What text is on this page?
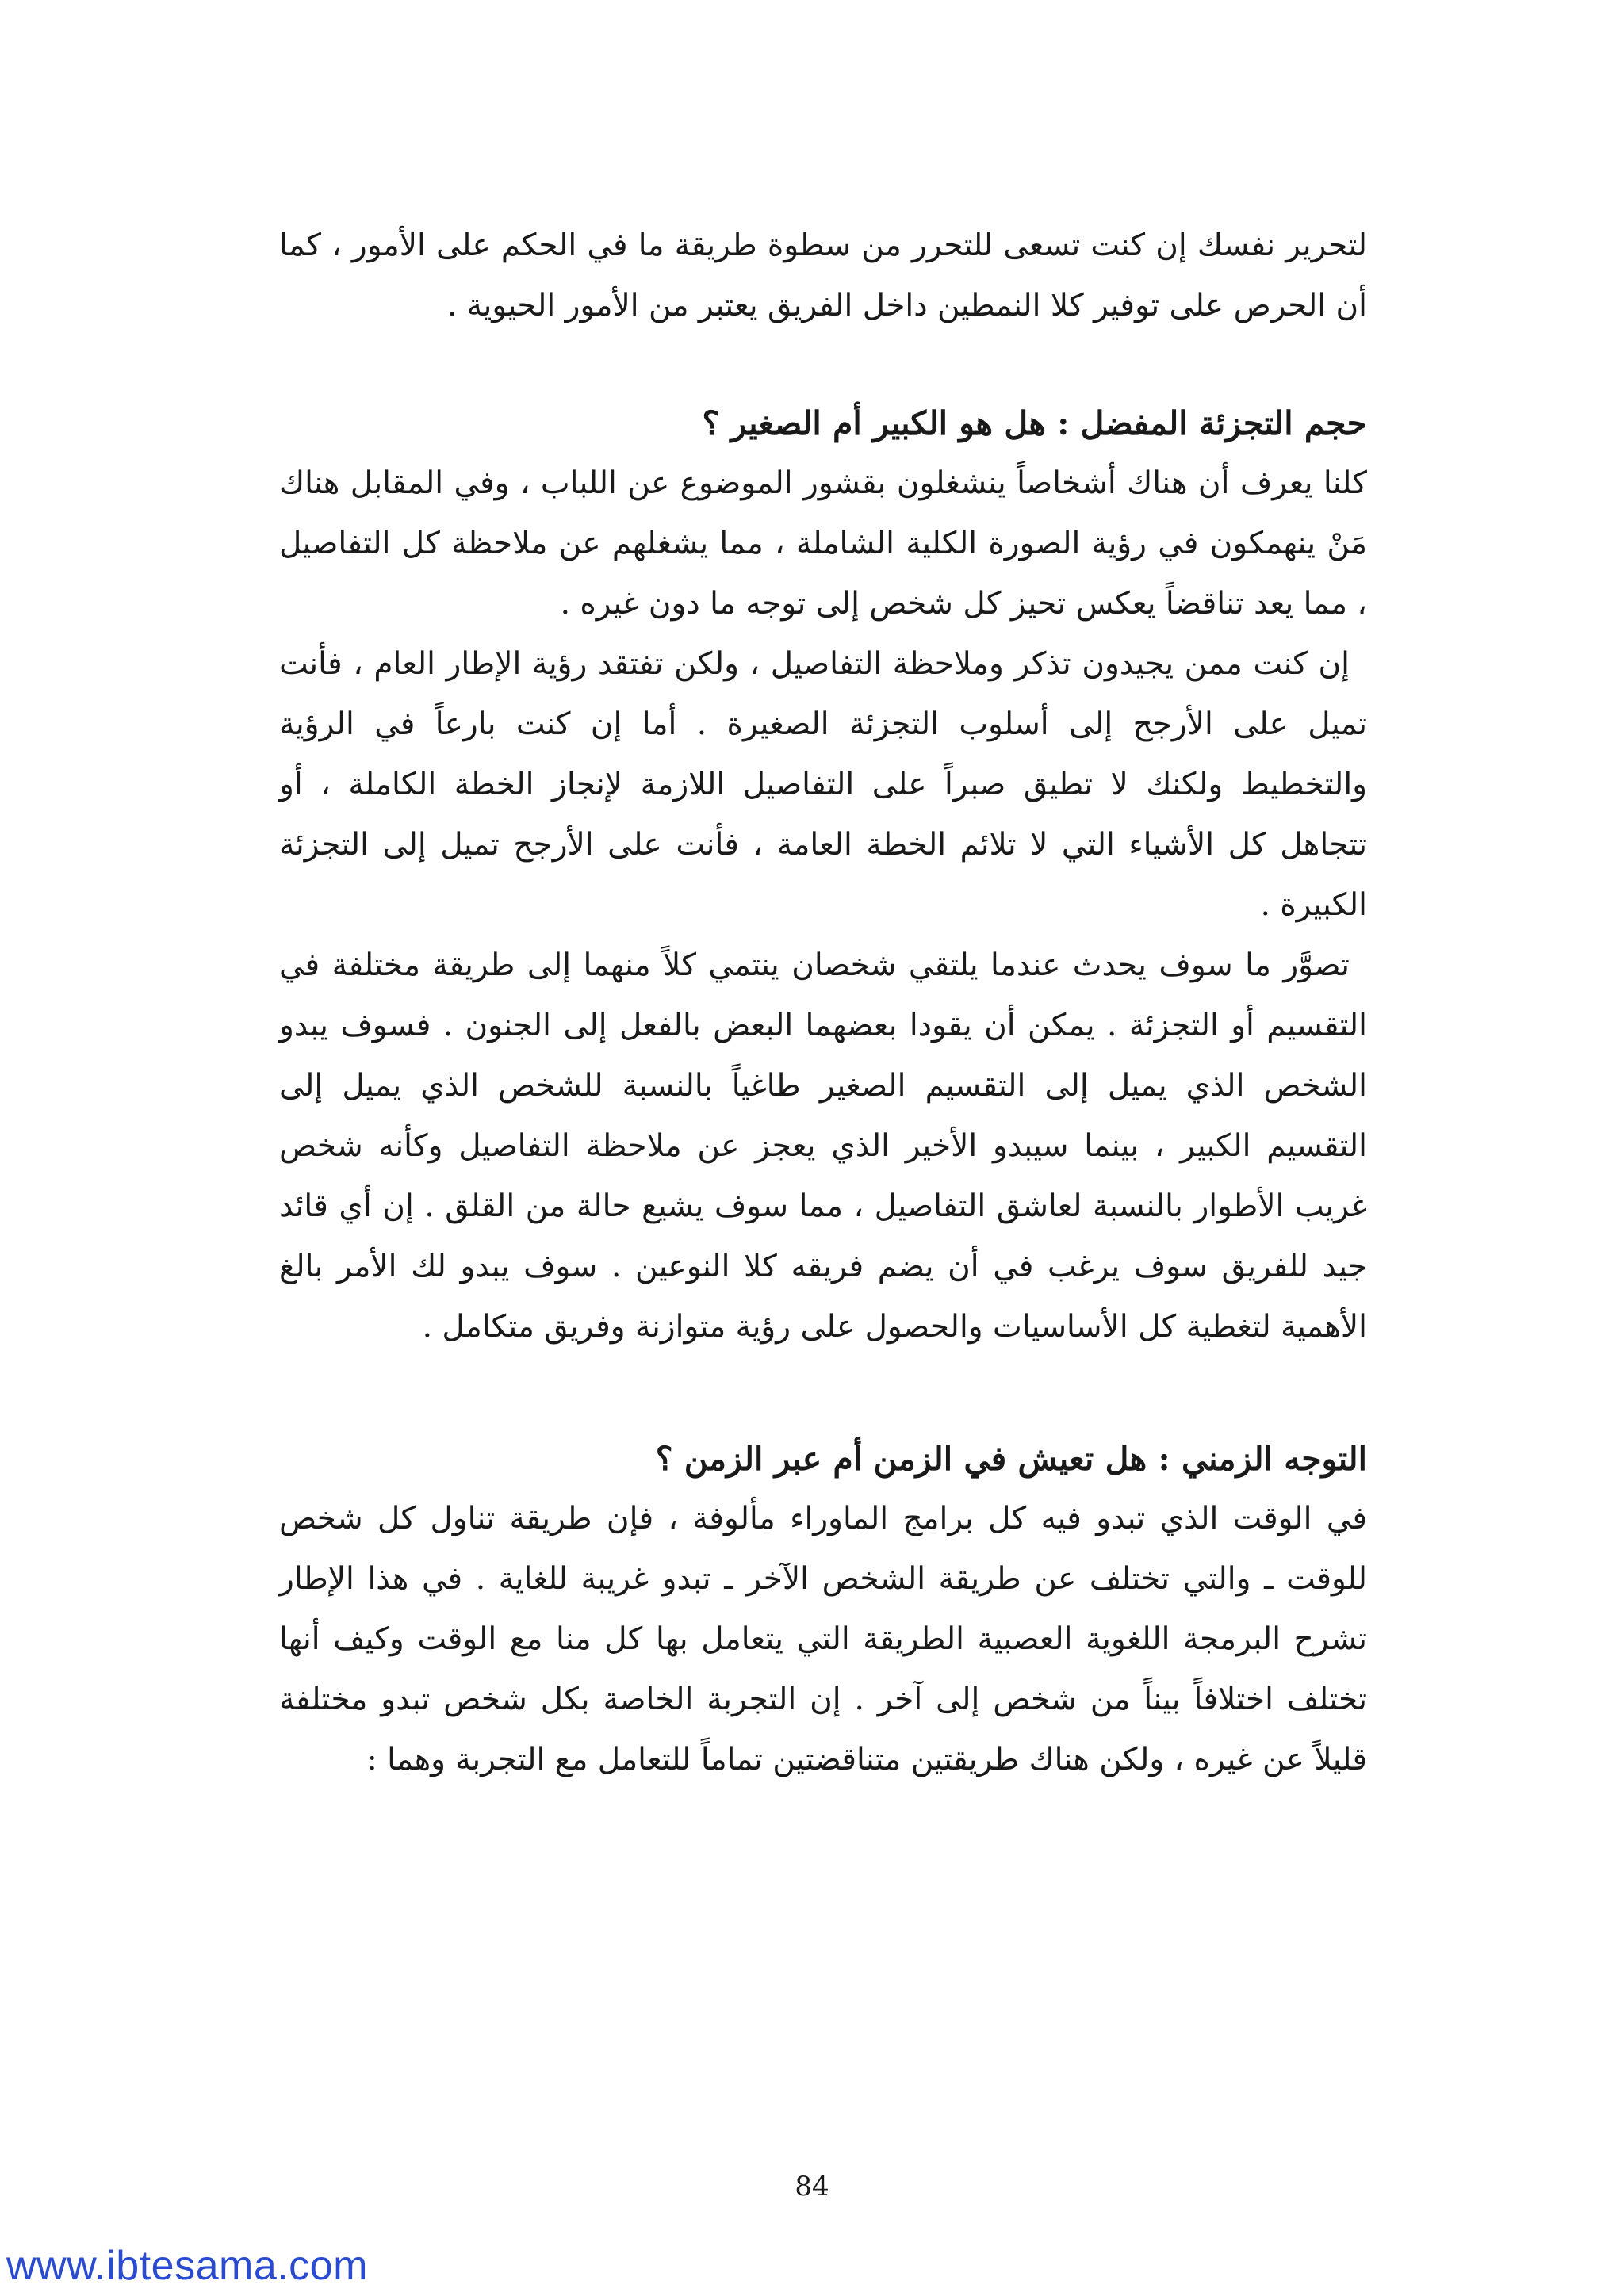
لتحرير نفسك إن كنت تسعى للتحرر من سطوة طريقة ما في الحكم على الأمور ، كما أن الحرص على توفير كلا النمطين داخل الفريق يعتبر من الأمور الحيوية .

حجم التجزئة المفضل : هل هو الكبير أم الصغير ؟

كلنا يعرف أن هناك أشخاصاً ينشغلون بقشور الموضوع عن اللباب ، وفي المقابل هناك مَنْ ينهمكون في رؤية الصورة الكلية الشاملة ، مما يشغلهم عن ملاحظة كل التفاصيل ، مما يعد تناقضاً يعكس تحيز كل شخص إلى توجه ما دون غيره .

إن كنت ممن يجيدون تذكر وملاحظة التفاصيل ، ولكن تفتقد رؤية الإطار العام ، فأنت تميل على الأرجح إلى أسلوب التجزئة الصغيرة . أما إن كنت بارعاً في الرؤية والتخطيط ولكنك لا تطيق صبراً على التفاصيل اللازمة لإنجاز الخطة الكاملة ، أو تتجاهل كل الأشياء التي لا تلائم الخطة العامة ، فأنت على الأرجح تميل إلى التجزئة الكبيرة .

تصوَّر ما سوف يحدث عندما يلتقي شخصان ينتمي كلاً منهما إلى طريقة مختلفة في التقسيم أو التجزئة . يمكن أن يقودا بعضهما البعض بالفعل إلى الجنون . فسوف يبدو الشخص الذي يميل إلى التقسيم الصغير طاغياً بالنسبة للشخص الذي يميل إلى التقسيم الكبير ، بينما سيبدو الأخير الذي يعجز عن ملاحظة التفاصيل وكأنه شخص غريب الأطوار بالنسبة لعاشق التفاصيل ، مما سوف يشيع حالة من القلق . إن أي قائد جيد للفريق سوف يرغب في أن يضم فريقه كلا النوعين . سوف يبدو لك الأمر بالغ الأهمية لتغطية كل الأساسيات والحصول على رؤية متوازنة وفريق متكامل .

التوجه الزمني : هل تعيش في الزمن أم عبر الزمن ؟

في الوقت الذي تبدو فيه كل برامج الماوراء مألوفة ، فإن طريقة تناول كل شخص للوقت ـ والتي تختلف عن طريقة الشخص الآخر ـ تبدو غريبة للغاية . في هذا الإطار تشرح البرمجة اللغوية العصبية الطريقة التي يتعامل بها كل منا مع الوقت وكيف أنها تختلف اختلافاً بيناً من شخص إلى آخر . إن التجربة الخاصة بكل شخص تبدو مختلفة قليلاً عن غيره ، ولكن هناك طريقتين متناقضتين تماماً للتعامل مع التجربة وهما :

84
www.ibtesama.com
